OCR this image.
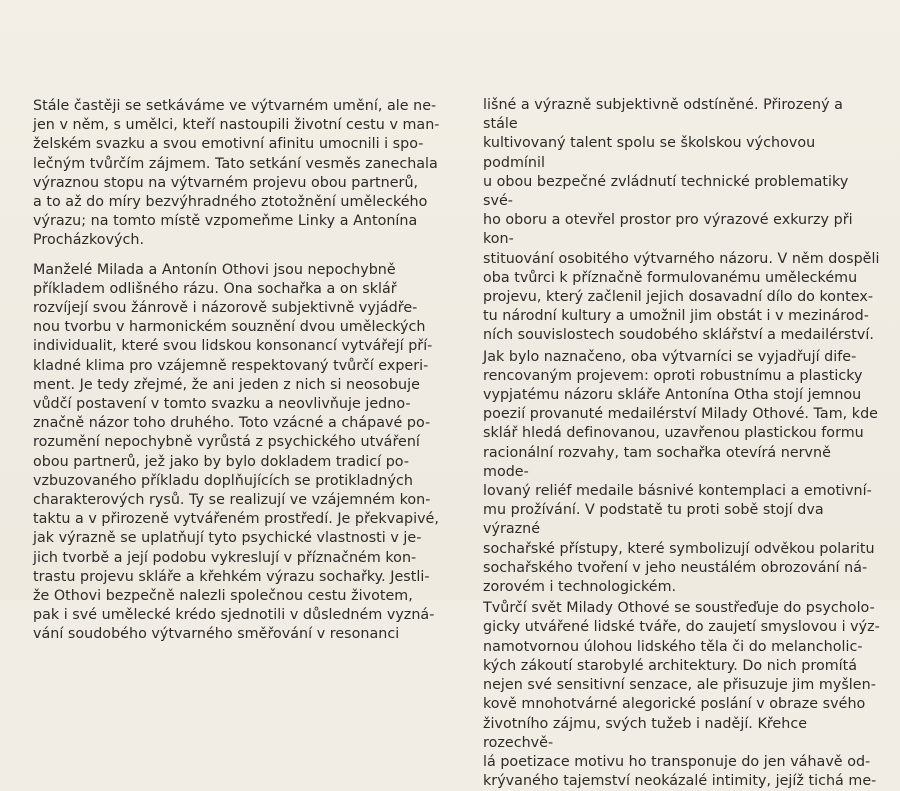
Stále častěji se setkáváme ve výtvarném umění, ale ne-
jen v něm, s umělci, kteří nastoupili životní cestu v man-
želském svazku a svou emotivní afinitu umocnili i spo-
lečným tvůrčím zájmem. Tato setkání vesměs zanechala
výraznou stopu na výtvarném projevu obou partnerů,
a to až do míry bezvýhradného ztotožnění uměleckého
výrazu; na tomto místě vzpomeňme Linky a Antonína
Procházkových.

Manželé Milada a Antonín Othovi jsou nepochybně
příkladem odlišného rázu. Ona sochařka a on sklář
rozvíjejí svou žánrově i názorově subjektivně vyjádře-
nou tvorbu v harmonickém souznění dvou uměleckých
individualit, které svou lidskou konsonancí vytvářejí pří-
kladné klima pro vzájemně respektovaný tvůrčí experi-
ment. Je tedy zřejmé, že ani jeden z nich si neosobuje
vůdčí postavení v tomto svazku a neovlivňuje jedno-
značně názor toho druhého. Toto vzácné a chápavé po-
rozumění nepochybně vyrůstá z psychického utváření
obou partnerů, jež jako by bylo dokladem tradicí po-
vzbuzovaného příkladu doplňujících se protikladných
charakterových rysů. Ty se realizují ve vzájemném kon-
taktu a v přirozeně vytvářeném prostředí. Je překvapivé,
jak výrazně se uplatňují tyto psychické vlastnosti v je-
jich tvorbě a její podobu vykreslují v příznačném kon-
trastu projevu skláře a křehkém výrazu sochařky. Jestli-
že Othovi bezpečně nalezli společnou cestu životem,
pak i své umělecké krédo sjednotili v důsledném vyzná-
vání soudobého výtvarného směřování v resonanci

lišné a výrazně subjektivně odstíněné. Přirozený a stále
kultivovaný talent spolu se školskou výchovou podmínil
u obou bezpečné zvládnutí technické problematiky své-
ho oboru a otevřel prostor pro výrazové exkurzy při kon-
stituování osobitého výtvarného názoru. V něm dospěli
oba tvůrci k příznačně formulovanému uměleckému
projevu, který začlenil jejich dosavadní dílo do kontex-
tu národní kultury a umožnil jim obstát i v mezinárod-
ních souvislostech soudobého sklářství a medailérství.

Jak bylo naznačeno, oba výtvarníci se vyjadřují dife-
rencovaným projevem: oproti robustnímu a plasticky
vypjatému názoru skláře Antonína Otha stojí jemnou
poezií provanuté medailérství Milady Othové. Tam, kde
sklář hledá definovanou, uzavřenou plastickou formu
racionální rozvahy, tam sochařka otevírá nervně mode-
lovaný reliéf medaile básnivé kontemplaci a emotivní-
mu prožívání. V podstatě tu proti sobě stojí dva výrazné
sochařské přístupy, které symbolizují odvěkou polaritu
sochařského tvoření v jeho neustálém obrozování ná-
zorovém i technologickém.

Tvůrčí svět Milady Othové se soustřeďuje do psycholo-
gicky utvářené lidské tváře, do zaujetí smyslovou i výz-
namotvornou úlohou lidského těla či do melancholic-
kých zákoutí starobylé architektury. Do nich promítá
nejen své sensitivní senzace, ale přisuzuje jim myšlen-
kově mnohotvárné alegorické poslání v obraze svého
životního zájmu, svých tužeb i nadějí. Křehce rozechvě-
lá poetizace motivu ho transponuje do jen váhavě od-
krývaného tajemství neokázalé intimity, jejíž tichá me-
